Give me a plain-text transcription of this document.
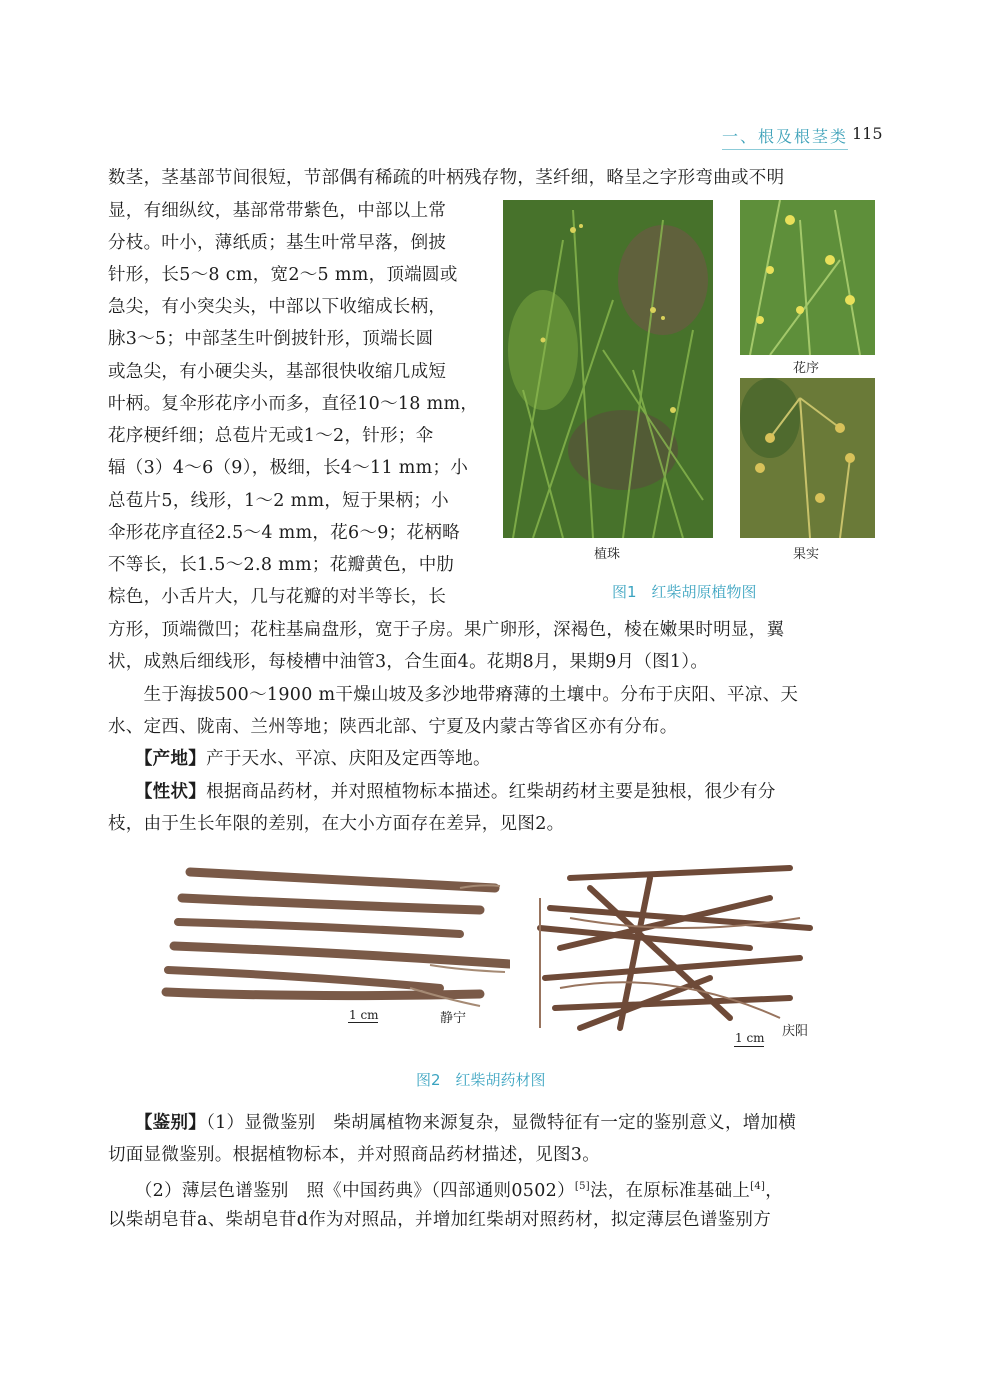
一、根及根茎类 115
数茎，茎基部节间很短，节部偶有稀疏的叶柄残存物，茎纤细，略呈之字形弯曲或不明
显，有细纵纹，基部常带紫色，中部以上常
分枝。叶小，薄纸质；基生叶常早落，倒披
针形，长5～8 cm，宽2～5 mm，顶端圆或
急尖，有小突尖头，中部以下收缩成长柄，
脉3～5；中部茎生叶倒披针形，顶端长圆
或急尖，有小硬尖头，基部很快收缩几成短
叶柄。复伞形花序小而多，直径10～18 mm，
花序梗纤细；总苞片无或1～2，针形；伞
辐（3）4～6（9），极细，长4～11 mm；小
总苞片5，线形，1～2 mm，短于果柄；小
伞形花序直径2.5～4 mm，花6～9；花柄略
不等长，长1.5～2.8 mm；花瓣黄色，中肋
棕色，小舌片大，几与花瓣的对半等长，长
方形，顶端微凹；花柱基扁盘形，宽于子房。果广卵形，深褐色，棱在嫩果时明显，翼
状，成熟后细线形，每棱槽中油管3，合生面4。花期8月，果期9月（图1）。
　　生于海拔500～1900 m干燥山坡及多沙地带瘠薄的土壤中。分布于庆阳、平凉、天
水、定西、陇南、兰州等地；陕西北部、宁夏及内蒙古等省区亦有分布。
　　【产地】产于天水、平凉、庆阳及定西等地。
　　【性状】根据商品药材，并对照植物标本描述。红柴胡药材主要是独根，很少有分
枝，由于生长年限的差别，在大小方面存在差异，见图2。
花序
植珠	果实
图1　红柴胡原植物图
1 cm	静宁
1 cm 庆阳
图2　红柴胡药材图
　　【鉴别】（1）显微鉴别　柴胡属植物来源复杂，显微特征有一定的鉴别意义，增加横
切面显微鉴别。根据植物标本，并对照商品药材描述，见图3。
　　（2）薄层色谱鉴别　照《中国药典》（四部通则0502）[5]法，在原标准基础上[4]，
以柴胡皂苷a、柴胡皂苷d作为对照品，并增加红柴胡对照药材，拟定薄层色谱鉴别方
